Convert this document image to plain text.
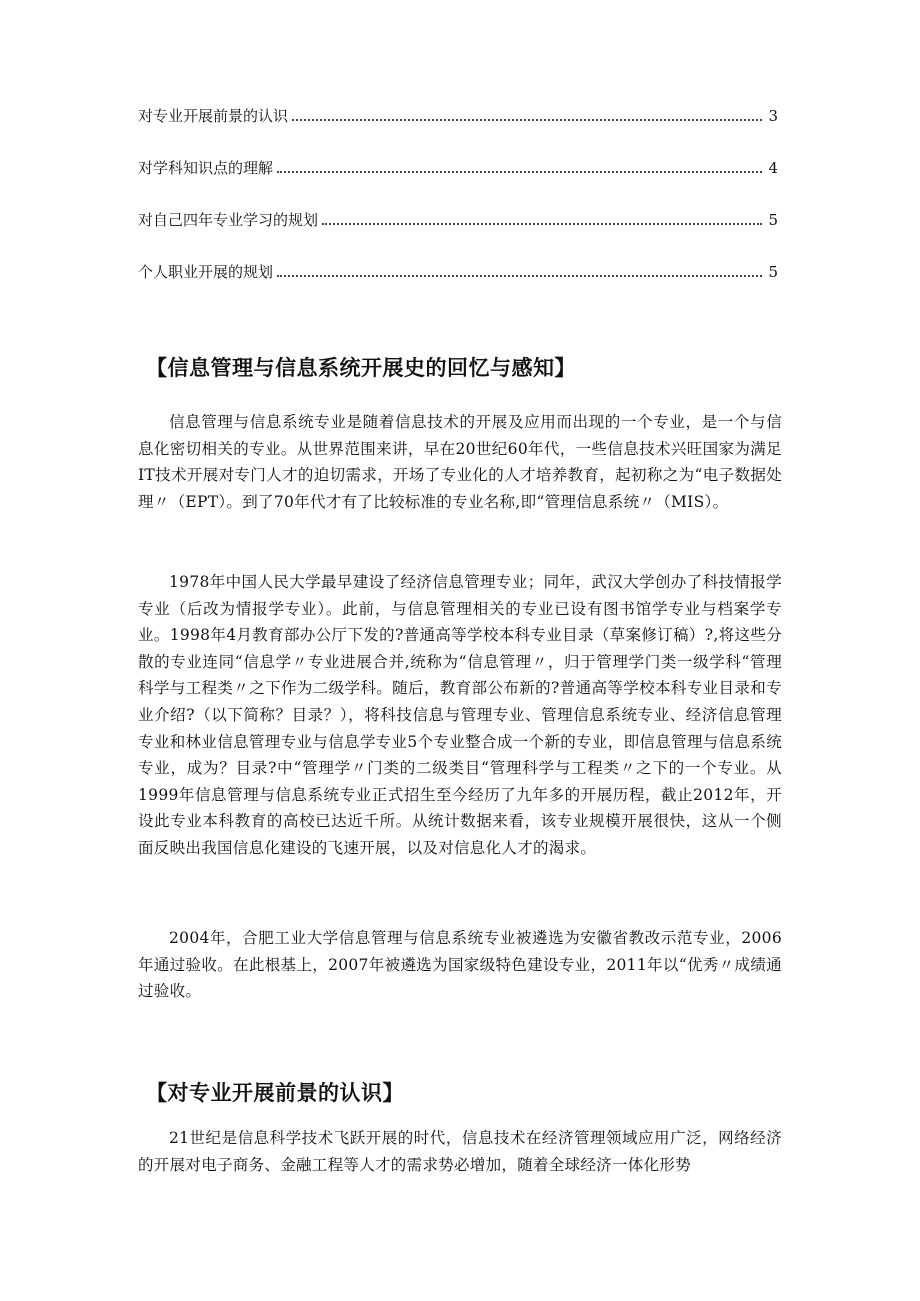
对专业开展前景的认识	3
对学科知识点的理解	4
对自己四年专业学习的规划	5
个人职业开展的规划	5
【信息管理与信息系统开展史的回忆与感知】

信息管理与信息系统专业是随着信息技术的开展及应用而出现的一个专业，是一个与信息化密切相关的专业。从世界范围来讲，早在20世纪60年代，一些信息技术兴旺国家为满足IT技术开展对专门人才的迫切需求，开场了专业化的人才培养教育，起初称之为“电子数据处理〃（EPT）。到了70年代才有了比较标准的专业名称,即“管理信息系统〃（MIS）。

1978年中国人民大学最早建设了经济信息管理专业；同年，武汉大学创办了科技情报学专业（后改为情报学专业）。此前，与信息管理相关的专业已设有图书馆学专业与档案学专业。1998年4月教育部办公厅下发的?普通高等学校本科专业目录（草案修订稿）?,将这些分散的专业连同“信息学〃专业进展合并,统称为“信息管理〃，归于管理学门类一级学科“管理科学与工程类〃之下作为二级学科。随后，教育部公布新的?普通高等学校本科专业目录和专业介绍?（以下简称？目录？），将科技信息与管理专业、管理信息系统专业、经济信息管理专业和林业信息管理专业与信息学专业5个专业整合成一个新的专业，即信息管理与信息系统专业，成为？目录?中“管理学〃门类的二级类目“管理科学与工程类〃之下的一个专业。从1999年信息管理与信息系统专业正式招生至今经历了九年多的开展历程，截止2012年，开设此专业本科教育的高校已达近千所。从统计数据来看，该专业规模开展很快，这从一个侧面反映出我国信息化建设的飞速开展，以及对信息化人才的渴求。

2004年，合肥工业大学信息管理与信息系统专业被遴选为安徽省教改示范专业，2006年通过验收。在此根基上，2007年被遴选为国家级特色建设专业，2011年以“优秀〃成绩通过验收。

【对专业开展前景的认识】

21世纪是信息科学技术飞跃开展的时代，信息技术在经济管理领域应用广泛，网络经济的开展对电子商务、金融工程等人才的需求势必增加，随着全球经济一体化形势
